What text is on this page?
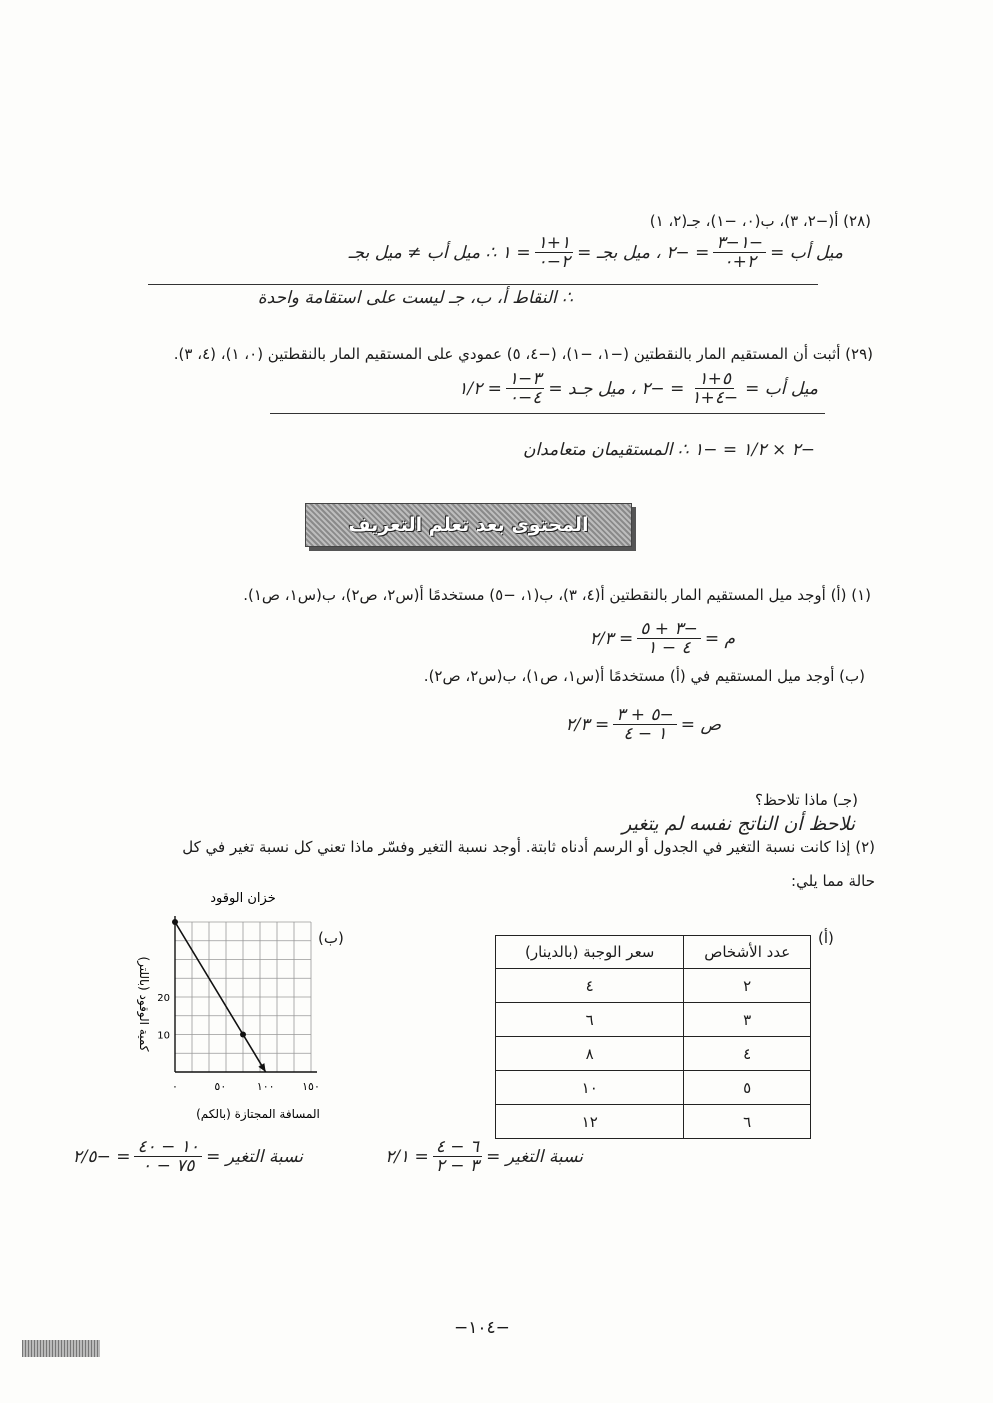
(٢٨) أ(−٢، ٣)، ب(٠، −١)، جـ(٢، ١)
ميل أب =
$\frac{-١-٣}{٢+٠}$
= −٢ ، ميل بجـ =
$\frac{١+١}{٢-٠}$
= ١ ∴ ميل أب ≠ ميل بجـ
∴ النقاط أ، ب، جـ ليست على استقامة واحدة
(٢٩) أثبت أن المستقيم المار بالنقطتين (−١، −١)، (−٤، ٥) عمودي على المستقيم المار بالنقطتين (٠، ١)، (٤، ٣).
ميل أب =
$\frac{٥+١}{-٤+١}$
= −٢ ، ميل جـد =
$\frac{٣-١}{٤-٠}$
= ١/٢
−٢ × ١/٢ = −١ ∴ المستقيمان متعامدان
المحتوى بعد تعلم التعريف
(١) (أ) أوجد ميل المستقيم المار بالنقطتين أ(٤، ٣)، ب(١، −٥) مستخدمًا أ(س٢، ص٢)، ب(س١، ص١).
م =
$\frac{-٣ + ٥}{٤ - ١}$
= ٢/٣
(ب) أوجد ميل المستقيم في (أ) مستخدمًا أ(س١، ص١)، ب(س٢، ص٢).
ص =
$\frac{-٥ + ٣}{١ - ٤}$
= ٢/٣
(جـ) ماذا تلاحظ؟
نلاحظ أن الناتج نفسه لم يتغير
(٢) إذا كانت نسبة التغير في الجدول أو الرسم أدناه ثابتة. أوجد نسبة التغير وفسّر ماذا تعني كل نسبة تغير في كل
حالة مما يلي:
(ب)	(أ)
عدد الأشخاص	سعر الوجبة (بالدينار)
٢	٤
٣	٦
٤	٨
٥	١٠
٦	١٢
نسبة التغير =
$\frac{٦ - ٤}{٣ - ٢}$
= ٢/١
خزان الوقود
٠	٥٠	١٠٠	١٥٠
10
20
المسافة المجتازة (بالكم)
كمية الوقود (باللتر)
نسبة التغير =
$\frac{١٠ - ٤٠}{٧٥ - ٠}$
= −٢/٥
−١٠٤−
